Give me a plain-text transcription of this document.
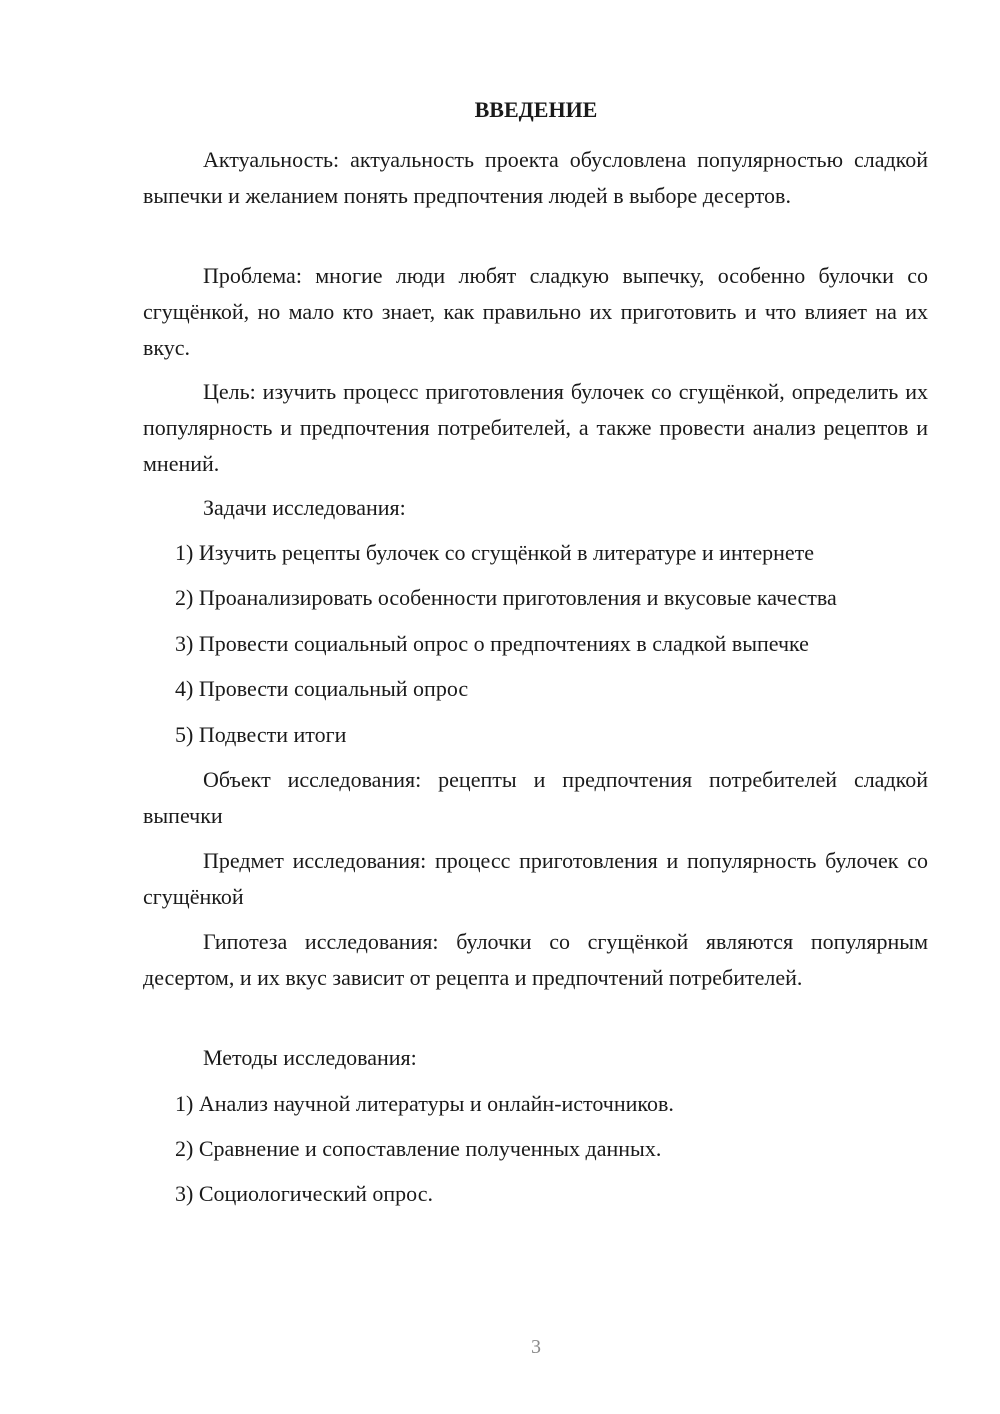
ВВЕДЕНИЕ

Актуальность: актуальность проекта обусловлена популярностью сладкой выпечки и желанием понять предпочтения людей в выборе десертов.

Проблема: многие люди любят сладкую выпечку, особенно булочки со сгущёнкой, но мало кто знает, как правильно их приготовить и что влияет на их вкус.

Цель: изучить процесс приготовления булочек со сгущёнкой, определить их популярность и предпочтения потребителей, а также провести анализ рецептов и мнений.

Задачи исследования:

1) Изучить рецепты булочек со сгущёнкой в литературе и интернете

2) Проанализировать особенности приготовления и вкусовые качества

3) Провести социальный опрос о предпочтениях в сладкой выпечке

4) Провести социальный опрос

5) Подвести итоги

Объект исследования: рецепты и предпочтения потребителей сладкой выпечки

Предмет исследования: процесс приготовления и популярность булочек со сгущёнкой

Гипотеза исследования: булочки со сгущёнкой являются популярным десертом, и их вкус зависит от рецепта и предпочтений потребителей.

Методы исследования:

1) Анализ научной литературы и онлайн-источников.

2) Сравнение и сопоставление полученных данных.

3) Социологический опрос.

3
